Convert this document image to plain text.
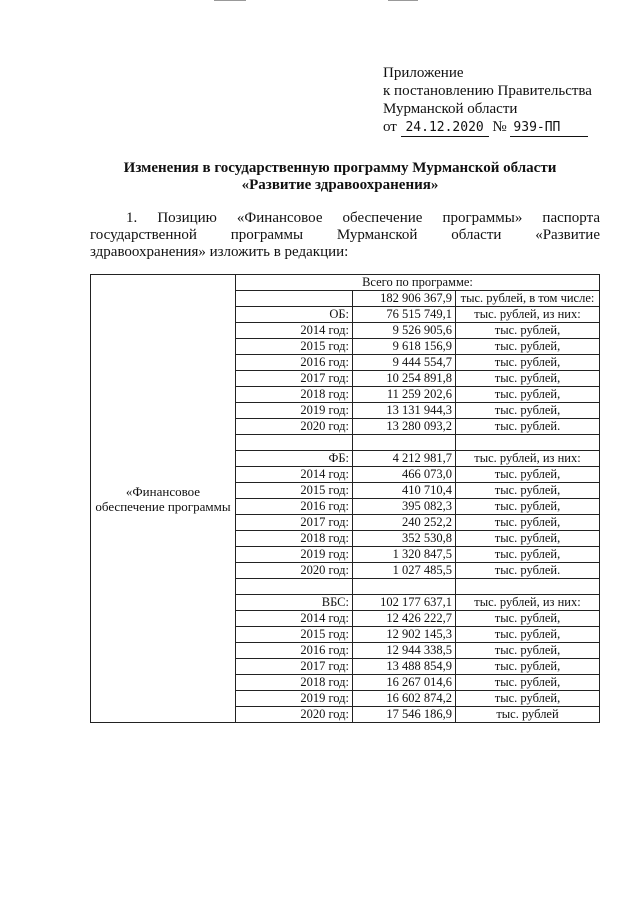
Приложение
к постановлению Правительства
Мурманской области
от 24.12.2020 № 939-ПП
Изменения в государственную программу Мурманской области
«Развитие здравоохранения»
1. Позицию «Финансовое обеспечение программы» паспорта
государственной программы Мурманской области «Развитие
здравоохранения» изложить в редакции:
«Финансовое обеспечение программы	Всего по программе:		
		182 906 367,9	тыс. рублей, в том числе:
	ОБ:	76 515 749,1	тыс. рублей, из них:
	2014 год:	9 526 905,6	тыс. рублей,
	2015 год:	9 618 156,9	тыс. рублей,
	2016 год:	9 444 554,7	тыс. рублей,
	2017 год:	10 254 891,8	тыс. рублей,
	2018 год:	11 259 202,6	тыс. рублей,
	2019 год:	13 131 944,3	тыс. рублей,
	2020 год:	13 280 093,2	тыс. рублей.

	ФБ:	4 212 981,7	тыс. рублей, из них:
	2014 год:	466 073,0	тыс. рублей,
	2015 год:	410 710,4	тыс. рублей,
	2016 год:	395 082,3	тыс. рублей,
	2017 год:	240 252,2	тыс. рублей,
	2018 год:	352 530,8	тыс. рублей,
	2019 год:	1 320 847,5	тыс. рублей,
	2020 год:	1 027 485,5	тыс. рублей.

	ВБС:	102 177 637,1	тыс. рублей, из них:
	2014 год:	12 426 222,7	тыс. рублей,
	2015 год:	12 902 145,3	тыс. рублей,
	2016 год:	12 944 338,5	тыс. рублей,
	2017 год:	13 488 854,9	тыс. рублей,
	2018 год:	16 267 014,6	тыс. рублей,
	2019 год:	16 602 874,2	тыс. рублей,
	2020 год:	17 546 186,9	тыс. рублей
